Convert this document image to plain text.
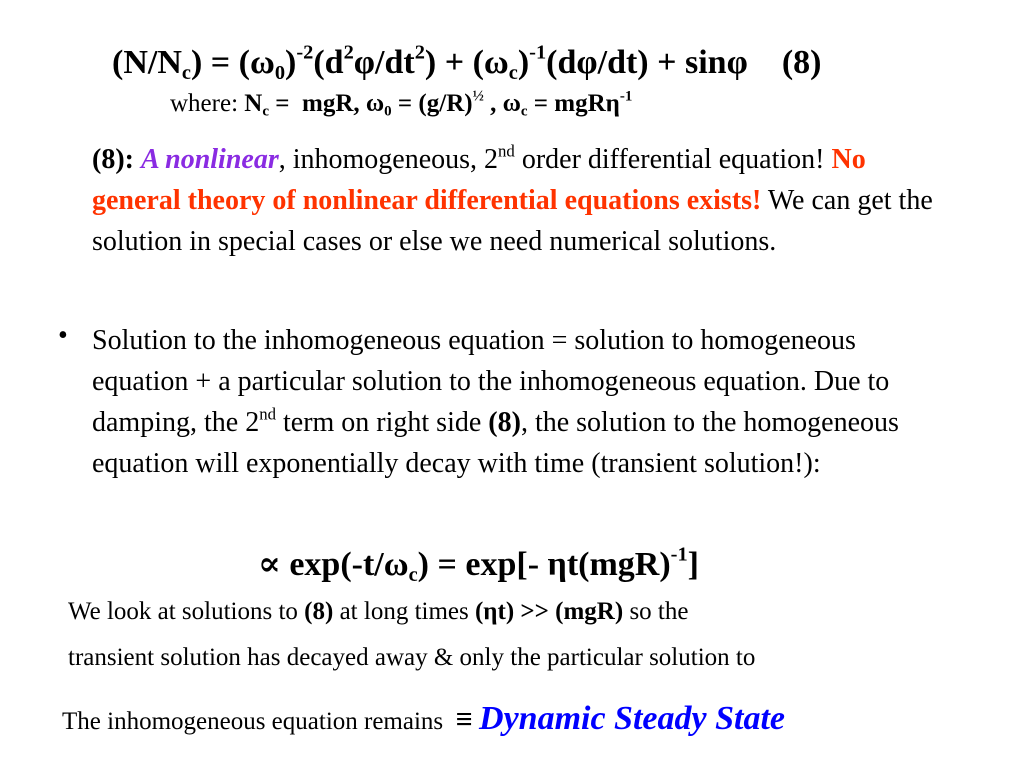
$(N/N_c) = (\omega_0)^{-2}(d^2\varphi/dt^2) + (\omega_c)^{-1}(d\varphi/dt) + \sin\varphi$ (8)
where: $N_c$ =  mgR, $\omega_0 = (g/R)^{\frac{1}{2}}$ , $\omega_c = mgR\eta^{-1}$
(8): A nonlinear, inhomogeneous, 2nd order differential equation! No general theory of nonlinear differential equations exists! We can get the solution in special cases or else we need numerical solutions.
• Solution to the inhomogeneous equation = solution to homogeneous equation + a particular solution to the inhomogeneous equation. Due to damping, the 2nd term on right side (8), the solution to the homogeneous equation will exponentially decay with time (transient solution!):
∝ $\exp(-t/\omega_c) = \exp[-$ ηt(mgR)$^{-1}$]
We look at solutions to (8) at long times (ηt) >> (mgR) so the
transient solution has decayed away & only the particular solution to
The inhomogeneous equation remains ≡ Dynamic Steady State
